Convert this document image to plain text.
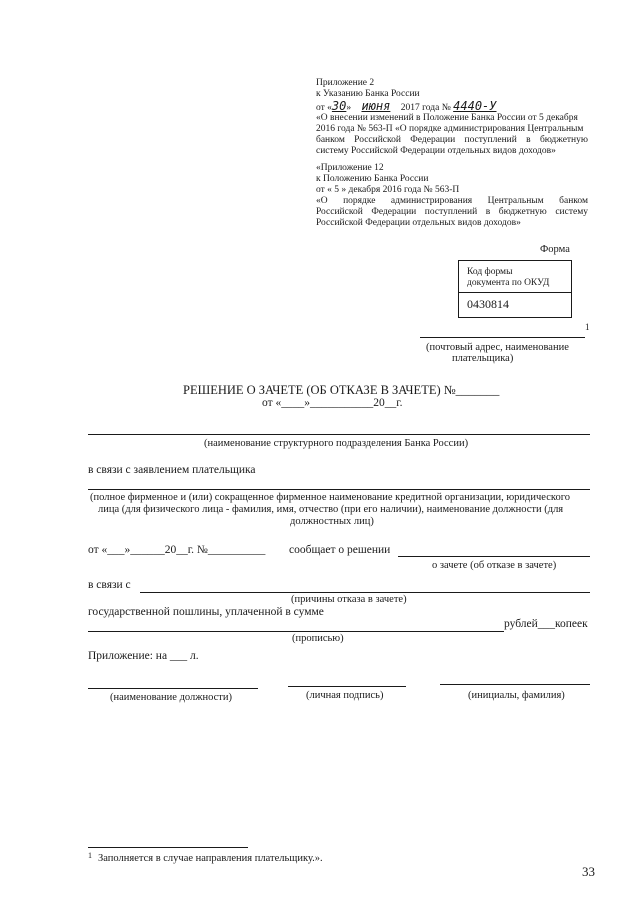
Приложение 2
к Указанию Банка России
от «30» июня 2017 года № 4440-У
«О внесении изменений в Положение Банка России от 5 декабря
2016 года № 563-П «О порядке администрирования Центральным
банком Российской Федерации поступлений в бюджетную
систему Российской Федерации отдельных видов доходов»
«Приложение 12
к Положению Банка России
от « 5 » декабря 2016 года № 563-П
«О порядке администрирования Центральным банком
Российской Федерации поступлений в бюджетную систему
Российской Федерации отдельных видов доходов»
Форма
Код формы
документа по ОКУД
0430814
1
(почтовый адрес, наименование
плательщика)
РЕШЕНИЕ О ЗАЧЕТЕ (ОБ ОТКАЗЕ В ЗАЧЕТЕ) №_______
от «____»___________20__г.
(наименование структурного подразделения Банка России)
в связи с заявлением плательщика
(полное фирменное и (или) сокращенное фирменное наименование кредитной организации, юридического
лица (для физического лица - фамилия, имя, отчество (при его наличии), наименование должности (для
должностных лиц)
от «___»______20__г. №__________ сообщает о решении
о зачете (об отказе в зачете)
в связи с
(причины отказа в зачете)
государственной пошлины, уплаченной в сумме
рублей___копеек
(прописью)
Приложение: на ___ л.
(наименование должности)	(личная подпись)	(инициалы, фамилия)
1 Заполняется в случае направления плательщику.».
33
